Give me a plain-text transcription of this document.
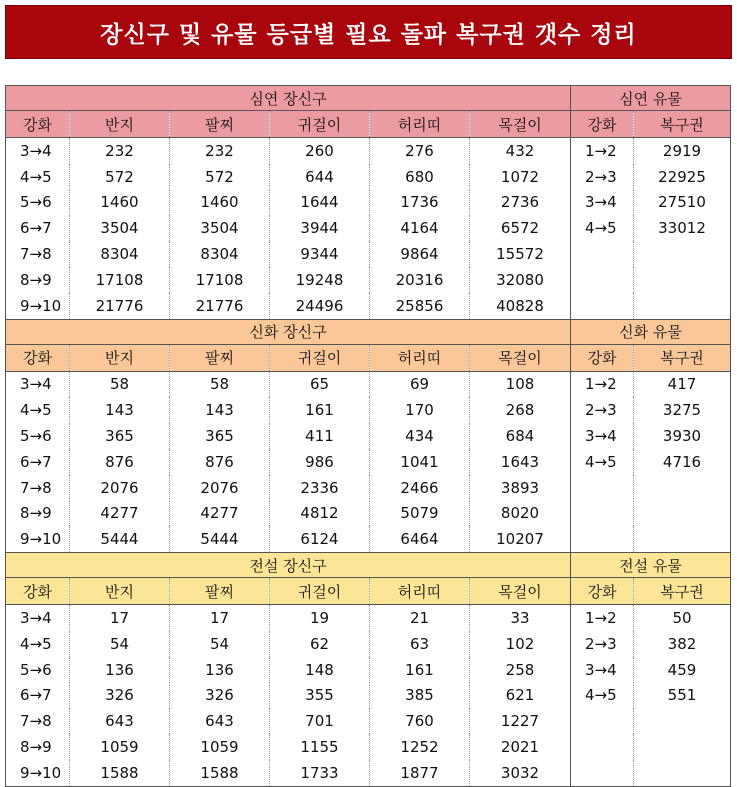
장신구 및 유물 등급별 필요 돌파 복구권 갯수 정리
심연 장신구						심연 유물	
강화	반지	팔찌	귀걸이	허리띠	목걸이	강화	복구권
3→4	232	232	260	276	432	1→2	2919
4→5	572	572	644	680	1072	2→3	22925
5→6	1460	1460	1644	1736	2736	3→4	27510
6→7	3504	3504	3944	4164	6572	4→5	33012
7→8	8304	8304	9344	9864	15572		
8→9	17108	17108	19248	20316	32080		
9→10	21776	21776	24496	25856	40828		
신화 장신구						신화 유물	
강화	반지	팔찌	귀걸이	허리띠	목걸이	강화	복구권
3→4	58	58	65	69	108	1→2	417
4→5	143	143	161	170	268	2→3	3275
5→6	365	365	411	434	684	3→4	3930
6→7	876	876	986	1041	1643	4→5	4716
7→8	2076	2076	2336	2466	3893		
8→9	4277	4277	4812	5079	8020		
9→10	5444	5444	6124	6464	10207		
전설 장신구						전설 유물	
강화	반지	팔찌	귀걸이	허리띠	목걸이	강화	복구권
3→4	17	17	19	21	33	1→2	50
4→5	54	54	62	63	102	2→3	382
5→6	136	136	148	161	258	3→4	459
6→7	326	326	355	385	621	4→5	551
7→8	643	643	701	760	1227		
8→9	1059	1059	1155	1252	2021		
9→10	1588	1588	1733	1877	3032		
